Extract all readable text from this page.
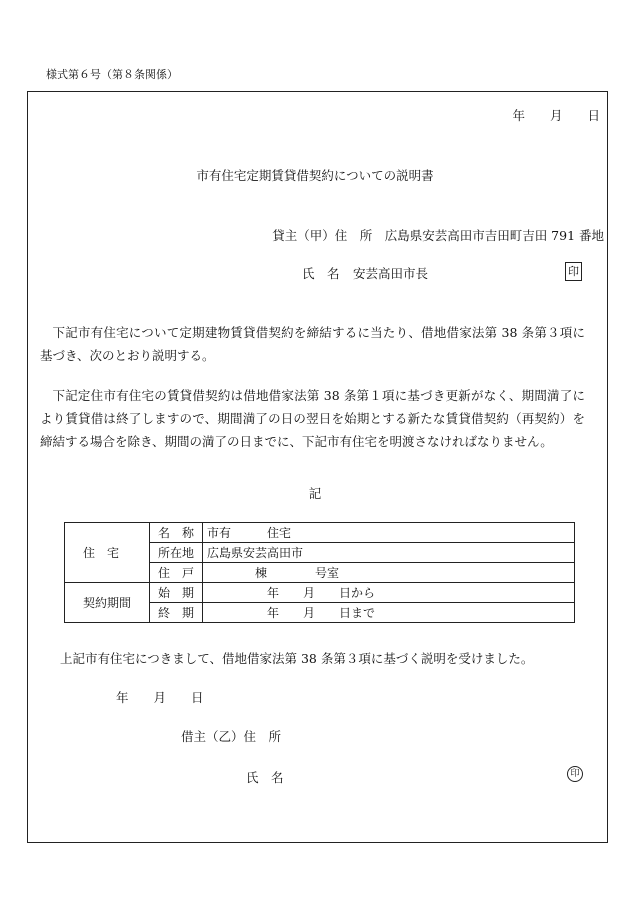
様式第６号（第８条関係）
年　　月　　日
市有住宅定期賃貸借契約についての説明書
貸主（甲）住　所　広島県安芸高田市吉田町吉田 791 番地
氏　名 安芸高田市長	印
下記市有住宅について定期建物賃貸借契約を締結するに当たり、借地借家法第 38 条第３項に基づき、次のとおり説明する。
下記定住市有住宅の賃貸借契約は借地借家法第 38 条第１項に基づき更新がなく、期間満了により賃貸借は終了しますので、期間満了の日の翌日を始期とする新たな賃貸借契約（再契約）を締結する場合を除き、期間の満了の日までに、下記市有住宅を明渡さなければなりません。
記
住宅	名　称	市有　　　住宅
	所在地	広島県安芸高田市
	住　戸	　　　　棟　　　　号室
契約期間	始　期	　　　　　年　　月　　日から
	終　期	　　　　　年　　月　　日まで
上記市有住宅につきまして、借地借家法第 38 条第３項に基づく説明を受けました。
年　　月　　日
借主（乙）住　所
氏　名	印
